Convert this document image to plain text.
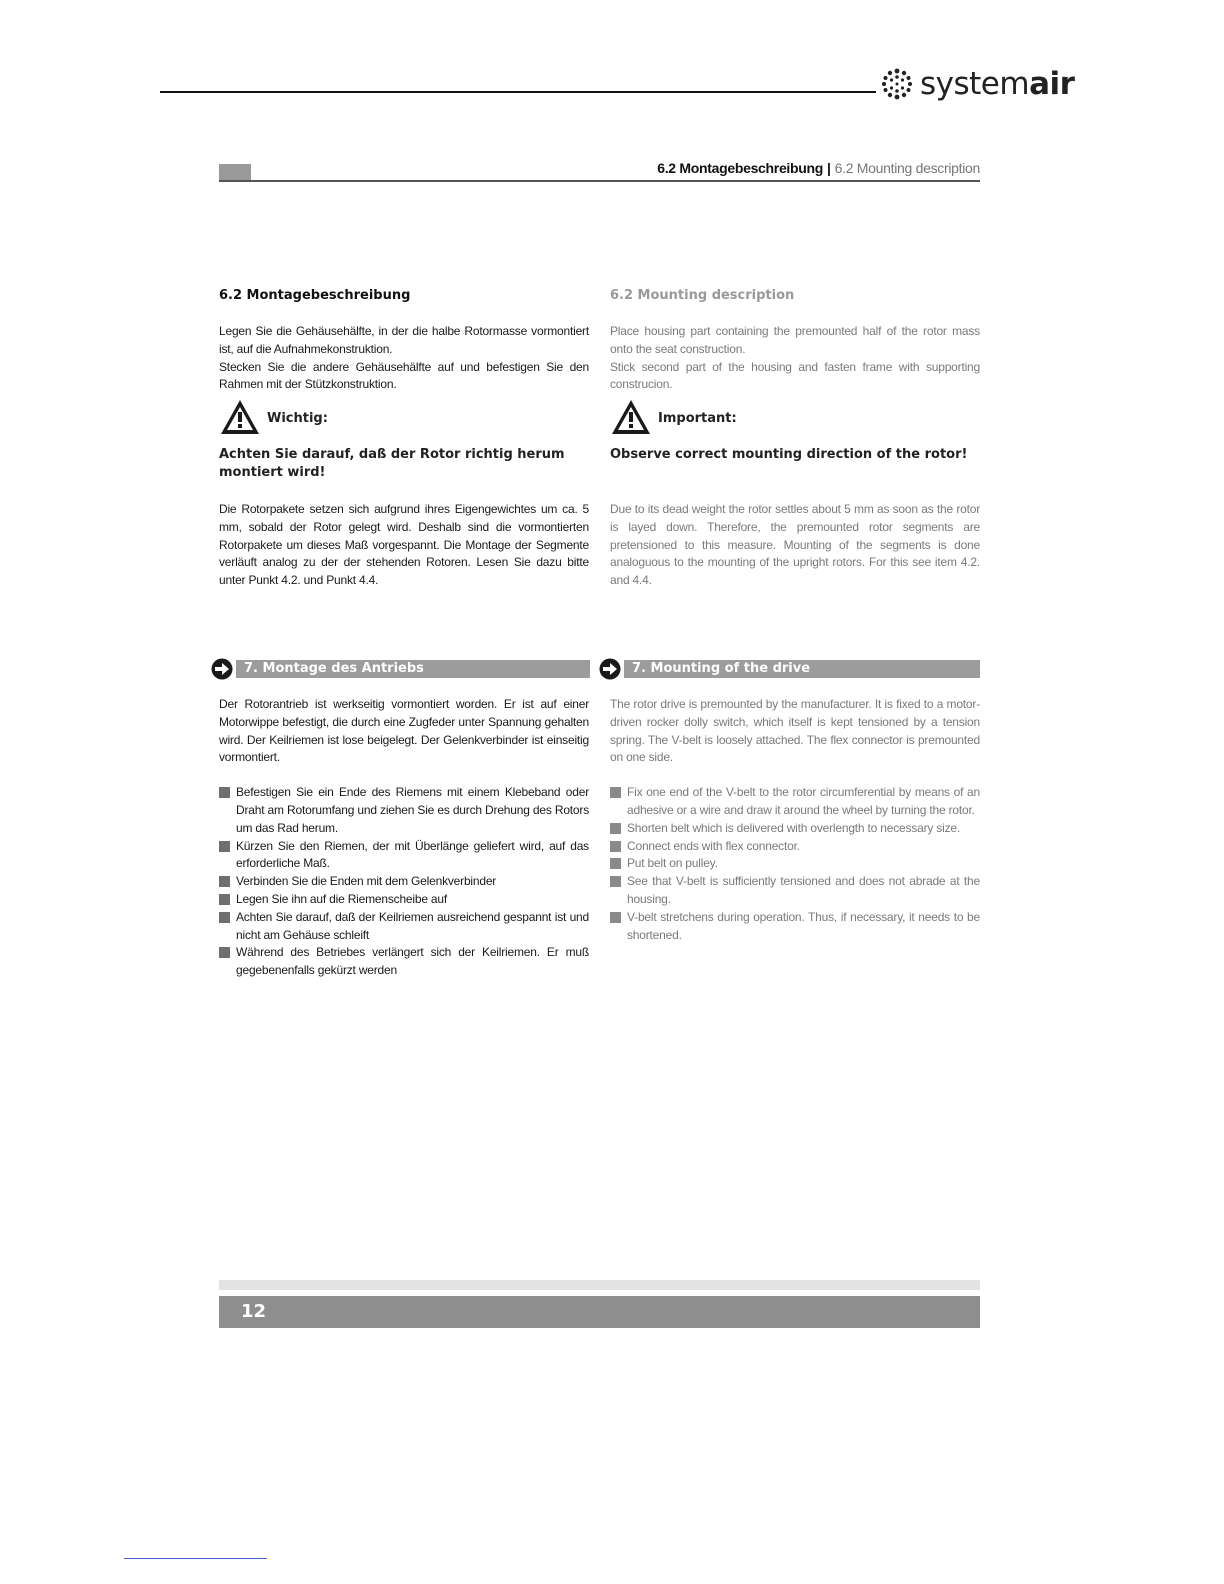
systemair
6.2 Montagebeschreibung | 6.2 Mounting description
6.2 Montagebeschreibung

Legen Sie die Gehäusehälfte, in der die halbe Rotormasse vormontiert ist, auf die Aufnahmekonstruktion.

Stecken Sie die andere Gehäusehälfte auf und befestigen Sie den Rahmen mit der Stützkonstruktion.

Wichtig:
Achten Sie darauf, daß der Rotor richtig herum montiert wird!

Die Rotorpakete setzen sich aufgrund ihres Eigengewichtes um ca. 5 mm, sobald der Rotor gelegt wird. Deshalb sind die vormontierten Rotorpakete um dieses Maß vorgespannt. Die Montage der Segmente verläuft analog zu der der stehenden Rotoren. Lesen Sie dazu bitte unter Punkt 4.2. und Punkt 4.4.

6.2 Mounting description

Place housing part containing the premounted half of the rotor mass onto the seat construction.

Stick second part of the housing and fasten frame with supporting construcion.

Important:
Observe correct mounting direction of the rotor!

Due to its dead weight the rotor settles about 5 mm as soon as the rotor is layed down. Therefore, the premounted rotor segments are pretensioned to this measure. Mounting of the segments is done analoguous to the mounting of the upright rotors. For this see item 4.2. and 4.4.

7. Montage des Antriebs	7. Mounting of the drive

Der Rotorantrieb ist werkseitig vormontiert worden. Er ist auf einer Motorwippe befestigt, die durch eine Zugfeder unter Spannung gehalten wird. Der Keilriemen ist lose beigelegt. Der Gelenkverbinder ist einseitig vormontiert.

Befestigen Sie ein Ende des Riemens mit einem Klebeband oder Draht am Rotorumfang und ziehen Sie es durch Drehung des Rotors um das Rad herum.
Kürzen Sie den Riemen, der mit Überlänge geliefert wird, auf das erforderliche Maß.
Verbinden Sie die Enden mit dem Gelenkverbinder
Legen Sie ihn auf die Riemenscheibe auf
Achten Sie darauf, daß der Keilriemen ausreichend gespannt ist und nicht am Gehäuse schleift
Während des Betriebes verlängert sich der Keilriemen. Er muß gegebenenfalls gekürzt werden

The rotor drive is premounted by the manufacturer. It is fixed to a motor-driven rocker dolly switch, which itself is kept tensioned by a tension spring. The V-belt is loosely attached. The flex connector is premounted on one side.

Fix one end of the V-belt to the rotor circumferential by means of an adhesive or a wire and draw it around the wheel by turning the rotor.
Shorten belt which is delivered with overlength to necessary size.
Connect ends with flex connector.
Put belt on pulley.
See that V-belt is sufficiently tensioned and does not abrade at the housing.
V-belt stretchens during operation. Thus, if necessary, it needs to be shortened.
12
